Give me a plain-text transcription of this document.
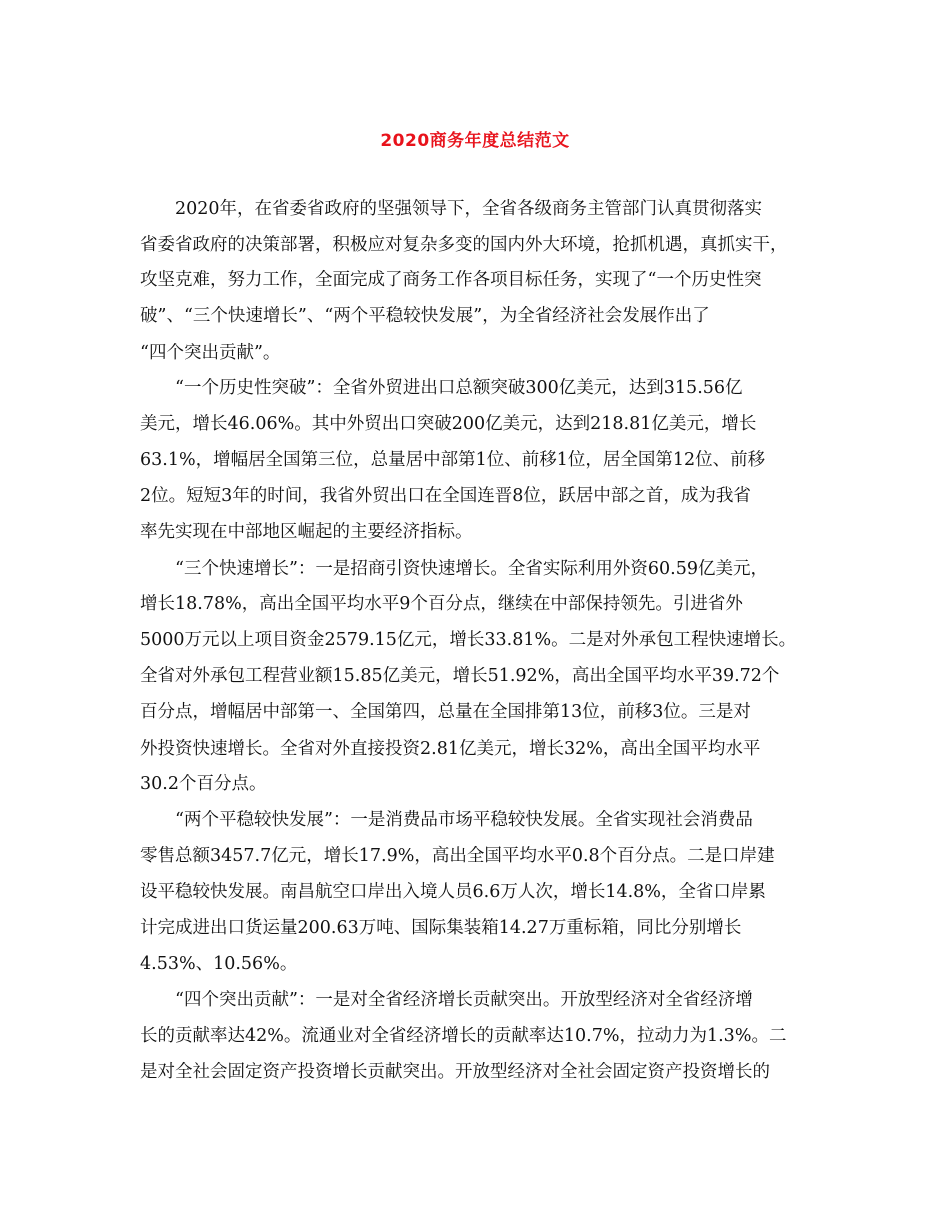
2020商务年度总结范文
　　2020年，在省委省政府的坚强领导下，全省各级商务主管部门认真贯彻落实
省委省政府的决策部署，积极应对复杂多变的国内外大环境，抢抓机遇，真抓实干，
攻坚克难，努力工作，全面完成了商务工作各项目标任务，实现了“一个历史性突
破”、“三个快速增长”、“两个平稳较快发展”，为全省经济社会发展作出了
“四个突出贡献”。
　　“一个历史性突破”：全省外贸进出口总额突破300亿美元，达到315.56亿
美元，增长46.06%。其中外贸出口突破200亿美元，达到218.81亿美元，增长
63.1%，增幅居全国第三位，总量居中部第1位、前移1位，居全国第12位、前移
2位。短短3年的时间，我省外贸出口在全国连晋8位，跃居中部之首，成为我省
率先实现在中部地区崛起的主要经济指标。
　　“三个快速增长”：一是招商引资快速增长。全省实际利用外资60.59亿美元，
增长18.78%，高出全国平均水平9个百分点，继续在中部保持领先。引进省外
5000万元以上项目资金2579.15亿元，增长33.81%。二是对外承包工程快速增长。
全省对外承包工程营业额15.85亿美元，增长51.92%，高出全国平均水平39.72个
百分点，增幅居中部第一、全国第四，总量在全国排第13位，前移3位。三是对
外投资快速增长。全省对外直接投资2.81亿美元，增长32%，高出全国平均水平
30.2个百分点。
　　“两个平稳较快发展”：一是消费品市场平稳较快发展。全省实现社会消费品
零售总额3457.7亿元，增长17.9%，高出全国平均水平0.8个百分点。二是口岸建
设平稳较快发展。南昌航空口岸出入境人员6.6万人次，增长14.8%，全省口岸累
计完成进出口货运量200.63万吨、国际集装箱14.27万重标箱，同比分别增长
4.53%、10.56%。
　　“四个突出贡献”：一是对全省经济增长贡献突出。开放型经济对全省经济增
长的贡献率达42%。流通业对全省经济增长的贡献率达10.7%，拉动力为1.3%。二
是对全社会固定资产投资增长贡献突出。开放型经济对全社会固定资产投资增长的
